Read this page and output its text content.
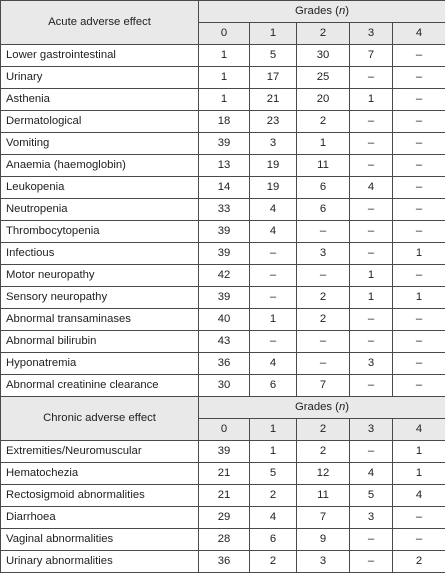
Acute adverse effect	Grades (n)				
	0	1	2	3	4
Lower gastrointestinal	1	5	30	7	–
Urinary	1	17	25	–	–
Asthenia	1	21	20	1	–
Dermatological	18	23	2	–	–
Vomiting	39	3	1	–	–
Anaemia (haemoglobin)	13	19	11	–	–
Leukopenia	14	19	6	4	–
Neutropenia	33	4	6	–	–
Thrombocytopenia	39	4	–	–	–
Infectious	39	–	3	–	1
Motor neuropathy	42	–	–	1	–
Sensory neuropathy	39	–	2	1	1
Abnormal transaminases	40	1	2	–	–
Abnormal bilirubin	43	–	–	–	–
Hyponatremia	36	4	–	3	–
Abnormal creatinine clearance	30	6	7	–	–
Chronic adverse effect	Grades (n)				
	0	1	2	3	4
Extremities/Neuromuscular	39	1	2	–	1
Hematochezia	21	5	12	4	1
Rectosigmoid abnormalities	21	2	11	5	4
Diarrhoea	29	4	7	3	–
Vaginal abnormalities	28	6	9	–	–
Urinary abnormalities	36	2	3	–	2
